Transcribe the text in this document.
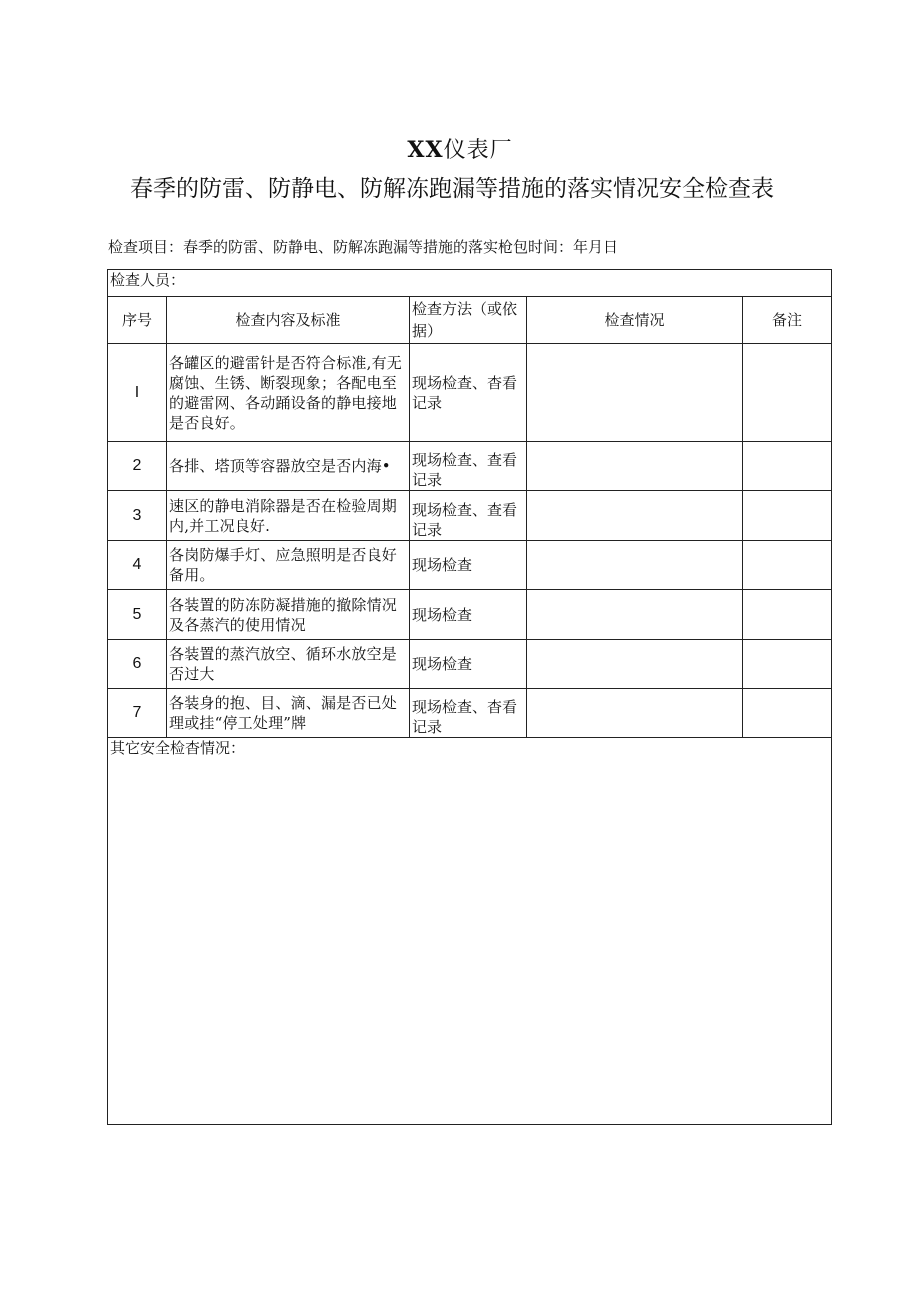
XX仪表厂
春季的防雷、防静电、防解冻跑漏等措施的落实情况安全检查表
检查项目：春季的防雷、防静电、防解冻跑漏等措施的落实枪包时间：年月日
检查人员：				
序号	检查内容及标准	检查方法（或依据）	检查情况	备注
I	各罐区的避雷针是否符合标准,有无腐蚀、生锈、断裂现象；各配电至的避雷网、各动踊设备的静电接地是否良好。	现场检查、杳看记录		
2	各排、塔顶等容器放空是否内海•	现场检查、查看记录		
3	速区的静电消除器是否在检验周期内,并工况良好.	现场检查、查看记录		
4	各岗防爆手灯、应急照明是否良好备用。	现场检查		
5	各装置的防冻防凝措施的撤除情况及各蒸汽的使用情况	现场检查		
6	各装置的蒸汽放空、循环水放空是否过大	现场检查		
7	各装身的抱、目、滴、漏是否已处理或挂“停工处理”牌	现场检查、杳看记录		
其它安全检杳情况：				
